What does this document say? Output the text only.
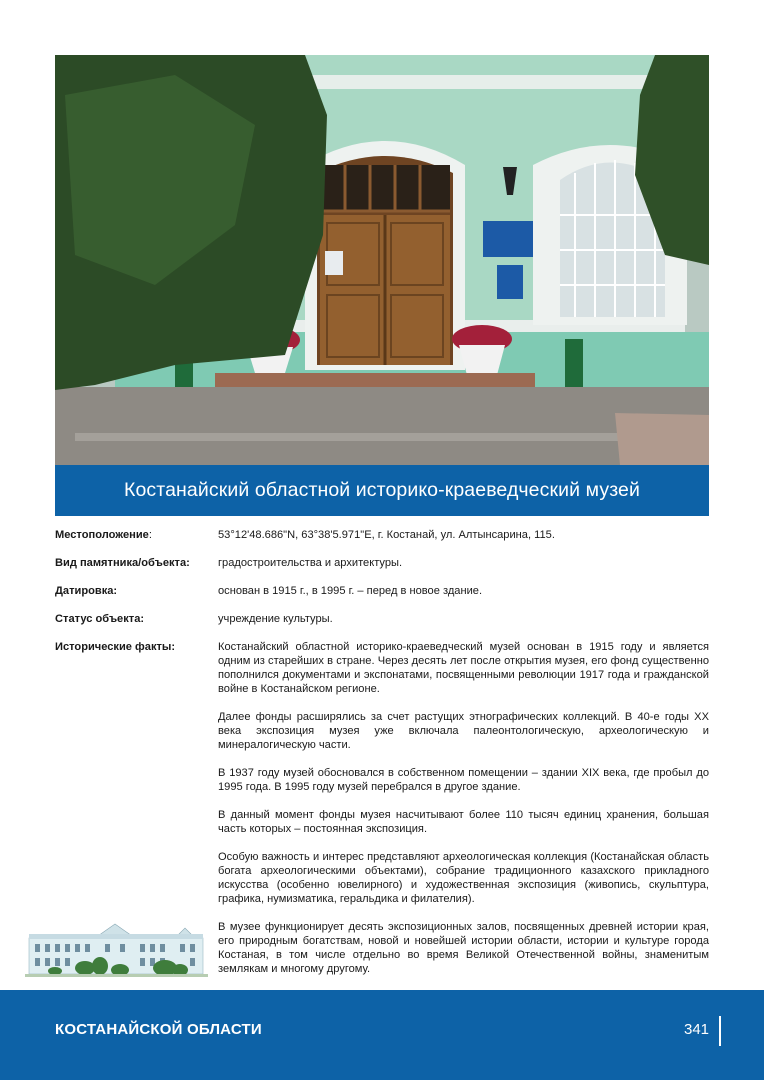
Костанайский областной историко-краеведческий музей
Местоположение:	53°12'48.686"N, 63°38'5.971"E, г. Костанай, ул. Алтынсарина, 115.
Вид памятника/объекта:	градостроительства и архитектуры.
Датировка:	основан в 1915 г., в 1995 г. – перед в новое здание.
Статус объекта:	учреждение культуры.
Исторические факты:	Костанайский областной историко-краеведческий музей основан в 1915 году и является одним из старейших в стране. Через десять лет после открытия музея, его фонд существенно пополнился документами и экспонатами, посвященными революции 1917 года и гражданской войне в Костанайском регионе.

Далее фонды расширялись за счет растущих этнографических коллекций. В 40-е годы XX века экспозиция музея уже включала палеонтологическую, археологическую и минералогическую части.

В 1937 году музей обосновался в собственном помещении – здании XIX века, где пробыл до 1995 года. В 1995 году музей перебрался в другое здание.

В данный момент фонды музея насчитывают более 110 тысяч единиц хранения, большая часть которых – постоянная экспозиция.

Особую важность и интерес представляют археологическая коллекция (Костанайская область богата археологическими объектами), собрание традиционного казахского прикладного искусства (особенно ювелирного) и художественная экспозиция (живопись, скульптура, графика, нумизматика, геральдика и филателия).

В музее функционирует десять экспозиционных залов, посвященных древней истории края, его природным богатствам, новой и новейшей истории области, истории и культуре города Костаная, в том числе отдельно во время Великой Отечественной войны, знаменитым землякам и многому другому.

КОСТАНАЙСКОЙ ОБЛАСТИ	341
